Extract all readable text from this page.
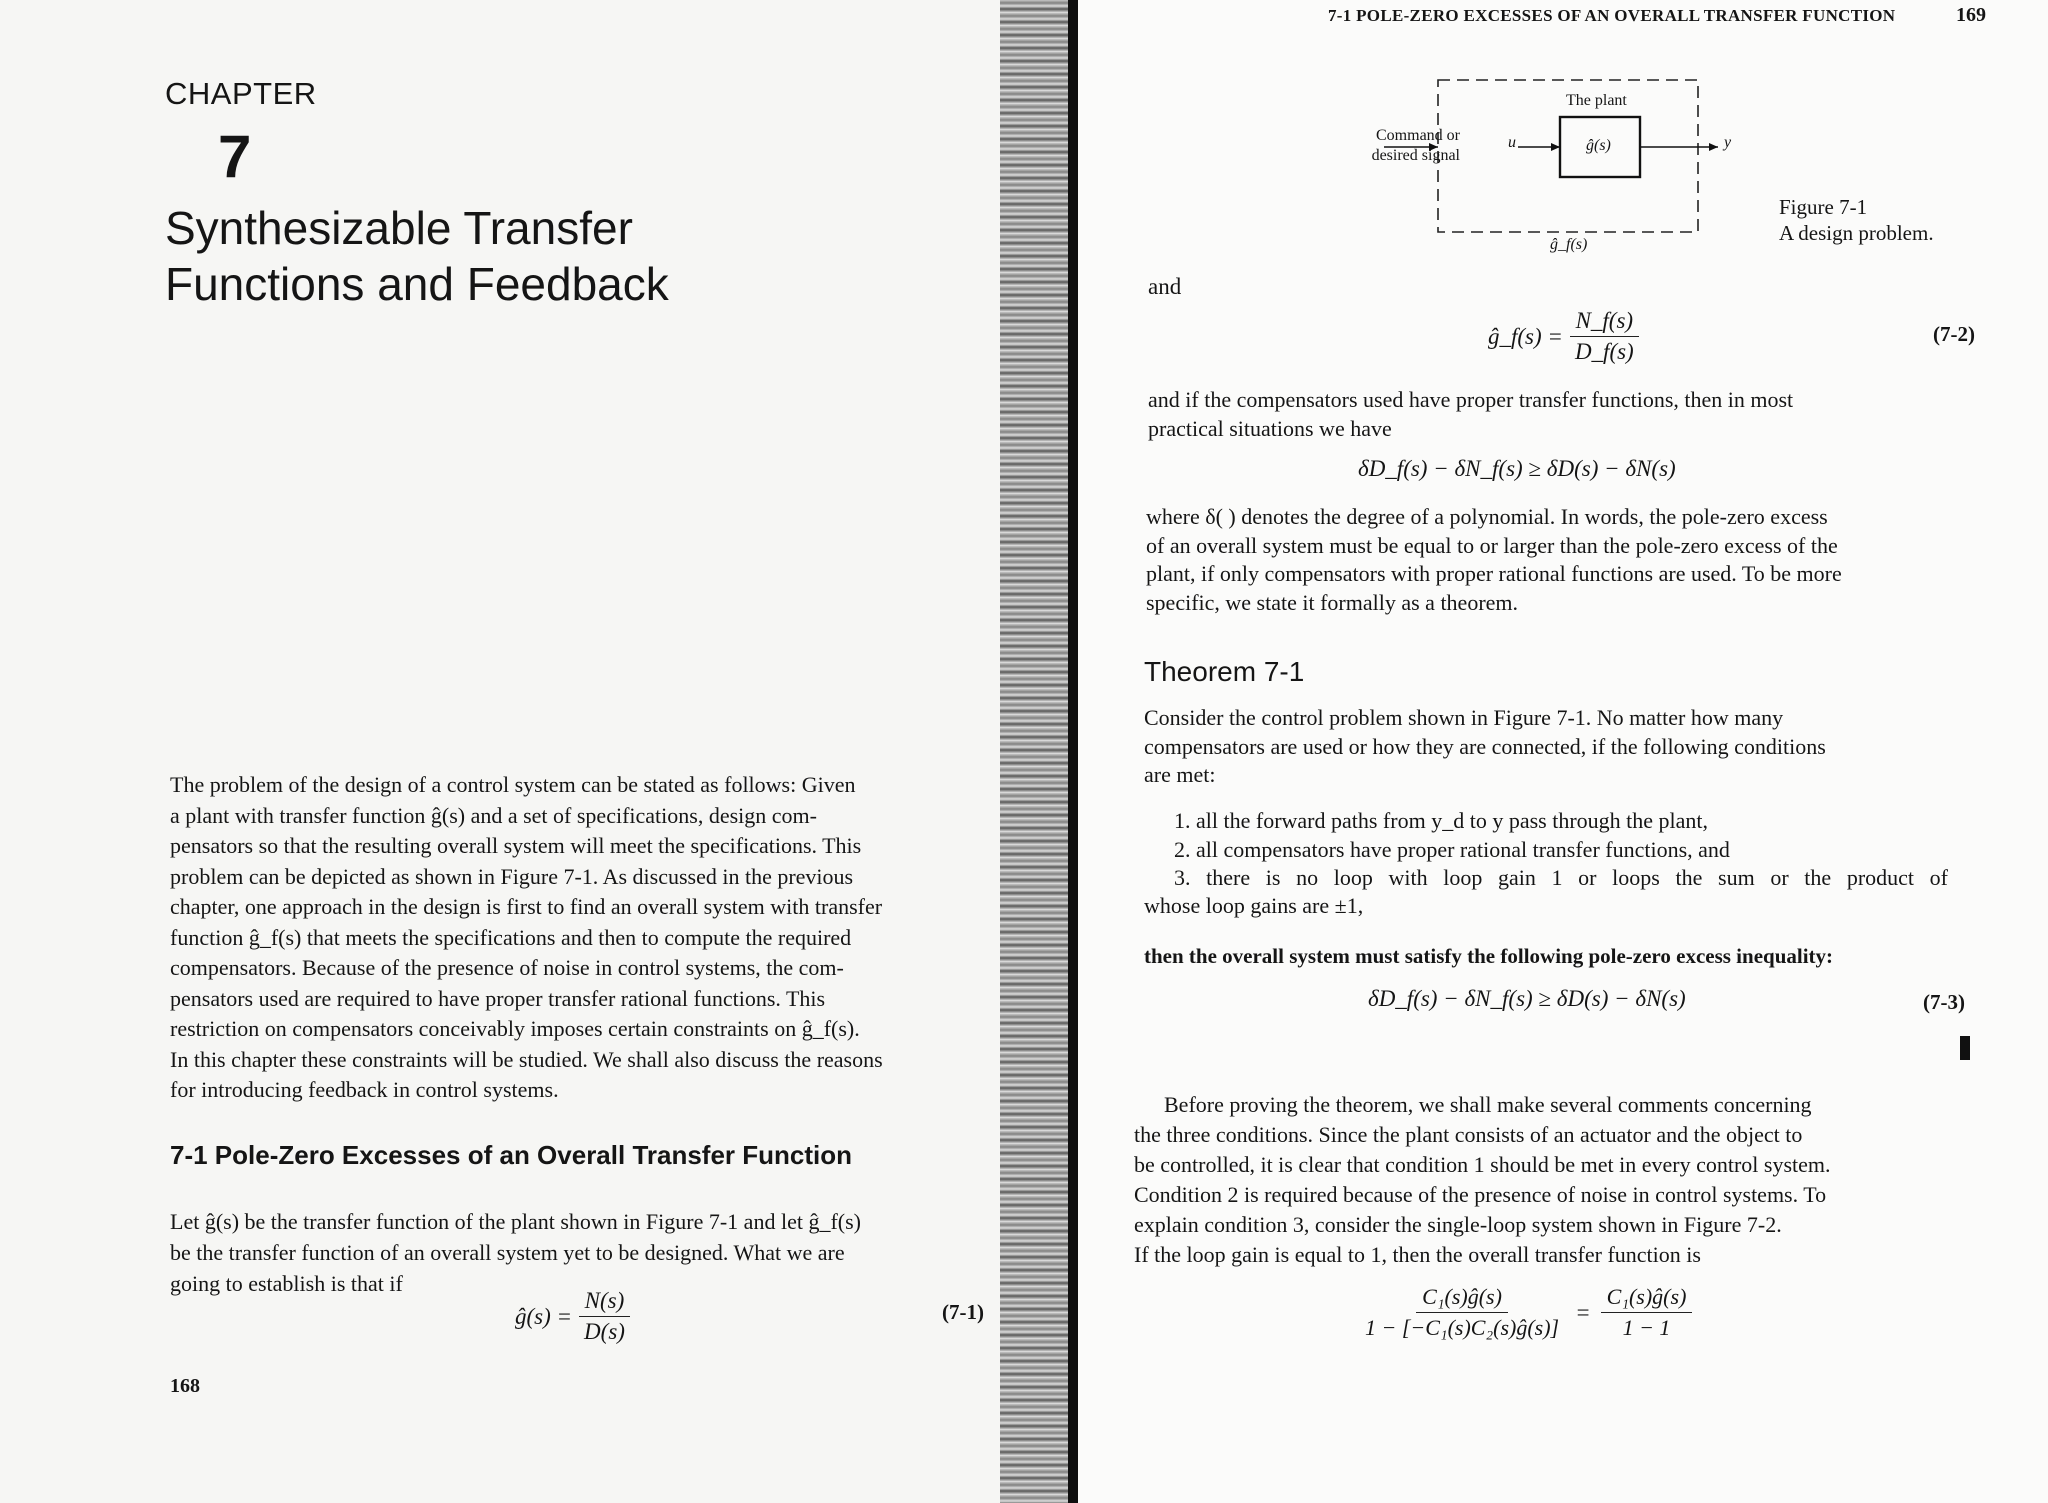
CHAPTER
7
Synthesizable Transfer
Functions and Feedback
The problem of the design of a control system can be stated as follows: Given
a plant with transfer function ĝ(s) and a set of specifications, design com-
pensators so that the resulting overall system will meet the specifications. This
problem can be depicted as shown in Figure 7-1. As discussed in the previous
chapter, one approach in the design is first to find an overall system with transfer
function ĝ_f(s) that meets the specifications and then to compute the required
compensators. Because of the presence of noise in control systems, the com-
pensators used are required to have proper transfer rational functions. This
restriction on compensators conceivably imposes certain constraints on ĝ_f(s).
In this chapter these constraints will be studied. We shall also discuss the reasons
for introducing feedback in control systems.
7-1 Pole-Zero Excesses of an Overall Transfer Function
Let ĝ(s) be the transfer function of the plant shown in Figure 7-1 and let ĝ_f(s)
be the transfer function of an overall system yet to be designed. What we are
going to establish is that if
ĝ(s) = $\frac{N(s)}{D(s)}$	(7-1)
168
7-1 POLE-ZERO EXCESSES OF AN OVERALL TRANSFER FUNCTION	169
The plant
Command or
desired signal
u	ĝ(s)	y
ĝ_f(s)
Figure 7-1
A design problem.
and
ĝ_f(s) = $\frac{N\_f(s)}{D\_f(s)}$	(7-2)
and if the compensators used have proper transfer functions, then in most
practical situations we have
δD_f(s) − δN_f(s) ≥ δD(s) − δN(s)
where δ( ) denotes the degree of a polynomial. In words, the pole-zero excess
of an overall system must be equal to or larger than the pole-zero excess of the
plant, if only compensators with proper rational functions are used. To be more
specific, we state it formally as a theorem.
Theorem 7-1
Consider the control problem shown in Figure 7-1. No matter how many
compensators are used or how they are connected, if the following conditions
are met:
1. all the forward paths from y_d to y pass through the plant,
2. all compensators have proper rational transfer functions, and
3. there is no loop with loop gain 1 or loops the sum or the product of
whose loop gains are ±1,
then the overall system must satisfy the following pole-zero excess inequality:
δD_f(s) − δN_f(s) ≥ δD(s) − δN(s)	(7-3)
Before proving the theorem, we shall make several comments concerning
the three conditions. Since the plant consists of an actuator and the object to
be controlled, it is clear that condition 1 should be met in every control system.
Condition 2 is required because of the presence of noise in control systems. To
explain condition 3, consider the single-loop system shown in Figure 7-2.
If the loop gain is equal to 1, then the overall transfer function is
$\frac{\text{C₁(s)ĝ(s)}}{\text{1 − [−C₁(s)C₂(s)ĝ(s)]}} = \frac{\text{C₁(s)ĝ(s)}}{1 - 1}$
